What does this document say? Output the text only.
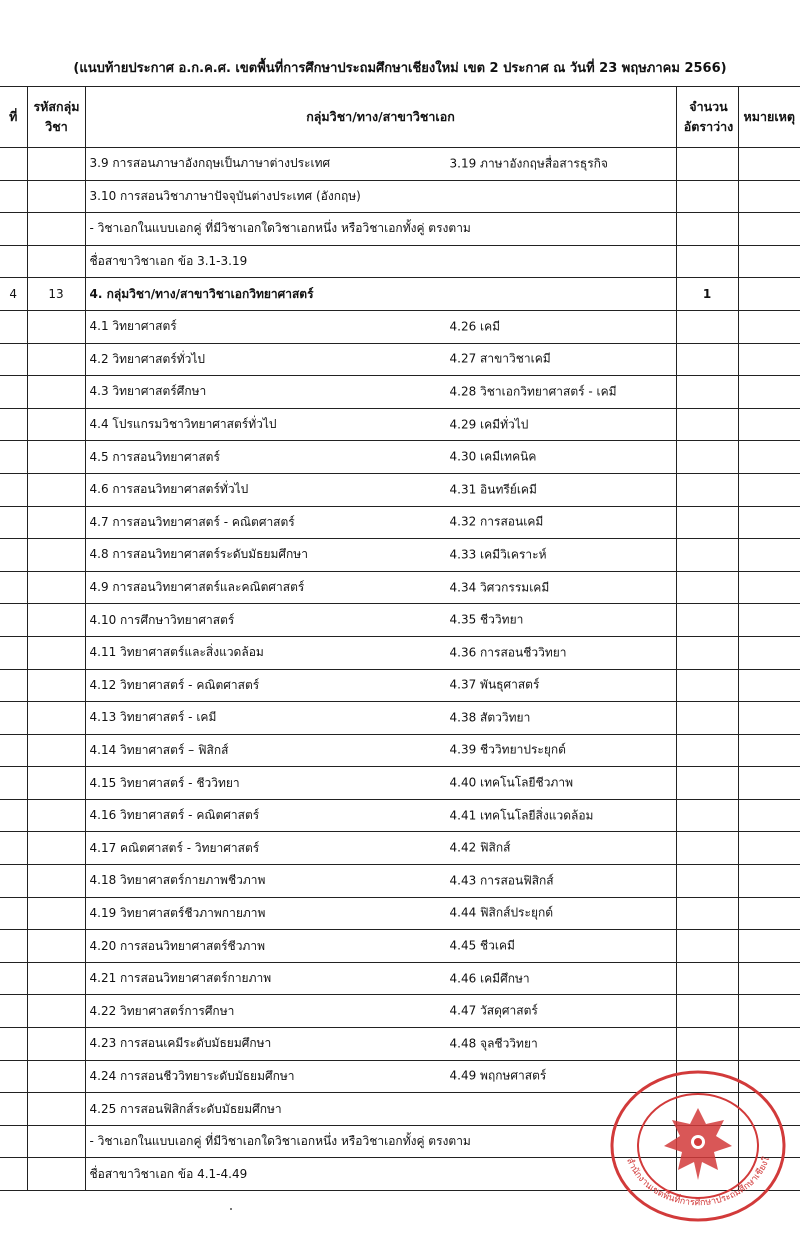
(แนบท้ายประกาศ อ.ก.ค.ศ. เขตพื้นที่การศึกษาประถมศึกษาเชียงใหม่ เขต 2 ประกาศ ณ วันที่ 23 พฤษภาคม 2566)
ที่	รหัสกลุ่มวิชา	กลุ่มวิชา/ทาง/สาขาวิชาเอก	จำนวนอัตราว่าง	หมายเหตุ

		3.9 การสอนภาษาอังกฤษเป็นภาษาต่างประเทศ 3.19 ภาษาอังกฤษสื่อสารธุรกิจ		

		3.10 การสอนวิชาภาษาปัจจุบันต่างประเทศ (อังกฤษ)		

		- วิชาเอกในแบบเอกคู่ ที่มีวิชาเอกใดวิชาเอกหนึ่ง หรือวิชาเอกทั้งคู่ ตรงตาม		

		ชื่อสาขาวิชาเอก ข้อ 3.1-3.19		

4	13	4. กลุ่มวิชา/ทาง/สาขาวิชาเอกวิทยาศาสตร์	1	

		4.1 วิทยาศาสตร์ 4.26 เคมี		

		4.2 วิทยาศาสตร์ทั่วไป 4.27 สาขาวิชาเคมี		

		4.3 วิทยาศาสตร์ศึกษา 4.28 วิชาเอกวิทยาศาสตร์ - เคมี		

		4.4 โปรแกรมวิชาวิทยาศาสตร์ทั่วไป 4.29 เคมีทั่วไป		

		4.5 การสอนวิทยาศาสตร์ 4.30 เคมีเทคนิค		

		4.6 การสอนวิทยาศาสตร์ทั่วไป 4.31 อินทรีย์เคมี		

		4.7 การสอนวิทยาศาสตร์ - คณิตศาสตร์ 4.32 การสอนเคมี		

		4.8 การสอนวิทยาศาสตร์ระดับมัธยมศึกษา 4.33 เคมีวิเคราะห์		

		4.9 การสอนวิทยาศาสตร์และคณิตศาสตร์ 4.34 วิศวกรรมเคมี		

		4.10 การศึกษาวิทยาศาสตร์ 4.35 ชีววิทยา		

		4.11 วิทยาศาสตร์และสิ่งแวดล้อม 4.36 การสอนชีววิทยา		

		4.12 วิทยาศาสตร์ - คณิตศาสตร์ 4.37 พันธุศาสตร์		

		4.13 วิทยาศาสตร์ - เคมี 4.38 สัตววิทยา		

		4.14 วิทยาศาสตร์ – ฟิสิกส์ 4.39 ชีววิทยาประยุกต์		

		4.15 วิทยาศาสตร์ - ชีววิทยา 4.40 เทคโนโลยีชีวภาพ		

		4.16 วิทยาศาสตร์ - คณิตศาสตร์ 4.41 เทคโนโลยีสิ่งแวดล้อม		

		4.17 คณิตศาสตร์ - วิทยาศาสตร์ 4.42 ฟิสิกส์		

		4.18 วิทยาศาสตร์กายภาพชีวภาพ 4.43 การสอนฟิสิกส์		

		4.19 วิทยาศาสตร์ชีวภาพกายภาพ 4.44 ฟิสิกส์ประยุกต์		

		4.20 การสอนวิทยาศาสตร์ชีวภาพ 4.45 ชีวเคมี		

		4.21 การสอนวิทยาศาสตร์กายภาพ 4.46 เคมีศึกษา		

		4.22 วิทยาศาสตร์การศึกษา 4.47 วัสดุศาสตร์		

		4.23 การสอนเคมีระดับมัธยมศึกษา 4.48 จุลชีววิทยา		

		4.24 การสอนชีววิทยาระดับมัธยมศึกษา 4.49 พฤกษศาสตร์		

		4.25 การสอนฟิสิกส์ระดับมัธยมศึกษา		

		- วิชาเอกในแบบเอกคู่ ที่มีวิชาเอกใดวิชาเอกหนึ่ง หรือวิชาเอกทั้งคู่ ตรงตาม		

		ชื่อสาขาวิชาเอก ข้อ 4.1-4.49		

สำนักงานเขตพื้นที่การศึกษาประถมศึกษาเชียงใ
